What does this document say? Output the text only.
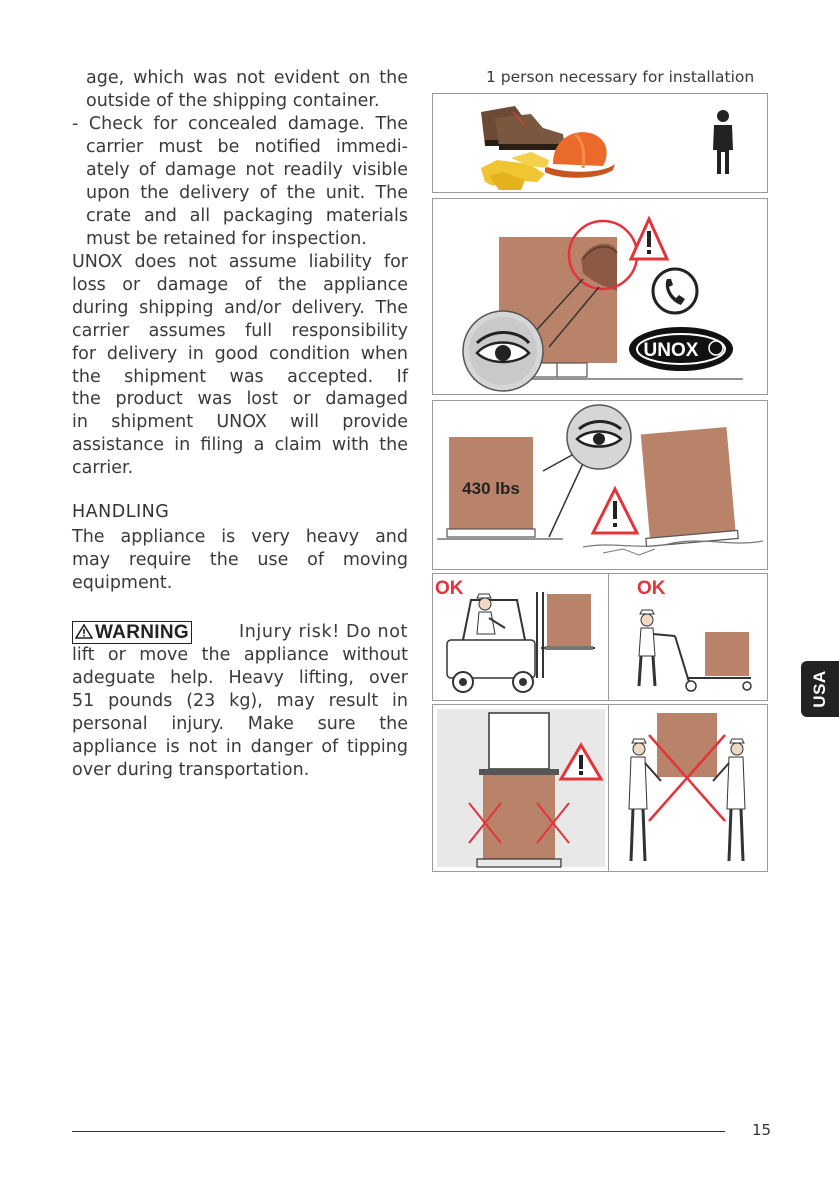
age, which was not evident on the
outside of the shipping container.
- Check for concealed damage. The
carrier must be notified immedi-
ately of damage not readily visible
upon the delivery of the unit. The
crate and all packaging materials
must be retained for inspection.
UNOX does not assume liability for
loss or damage of the appliance
during shipping and/or delivery. The
carrier assumes full responsibility
for delivery in good condition when
the shipment was accepted. If
the product was lost or damaged
in shipment UNOX will provide
assistance in filing a claim with the
carrier.
HANDLING
The appliance is very heavy and
may require the use of moving
equipment.
WARNING	Injury risk! Do not
lift or move the appliance without
adeguate help. Heavy lifting, over
51 pounds (23 kg), may result in
personal injury. Make sure the
appliance is not in danger of tipping
over during transportation.
1 person necessary for installation
UNOX
430 lbs
OK	OK
USA
15
